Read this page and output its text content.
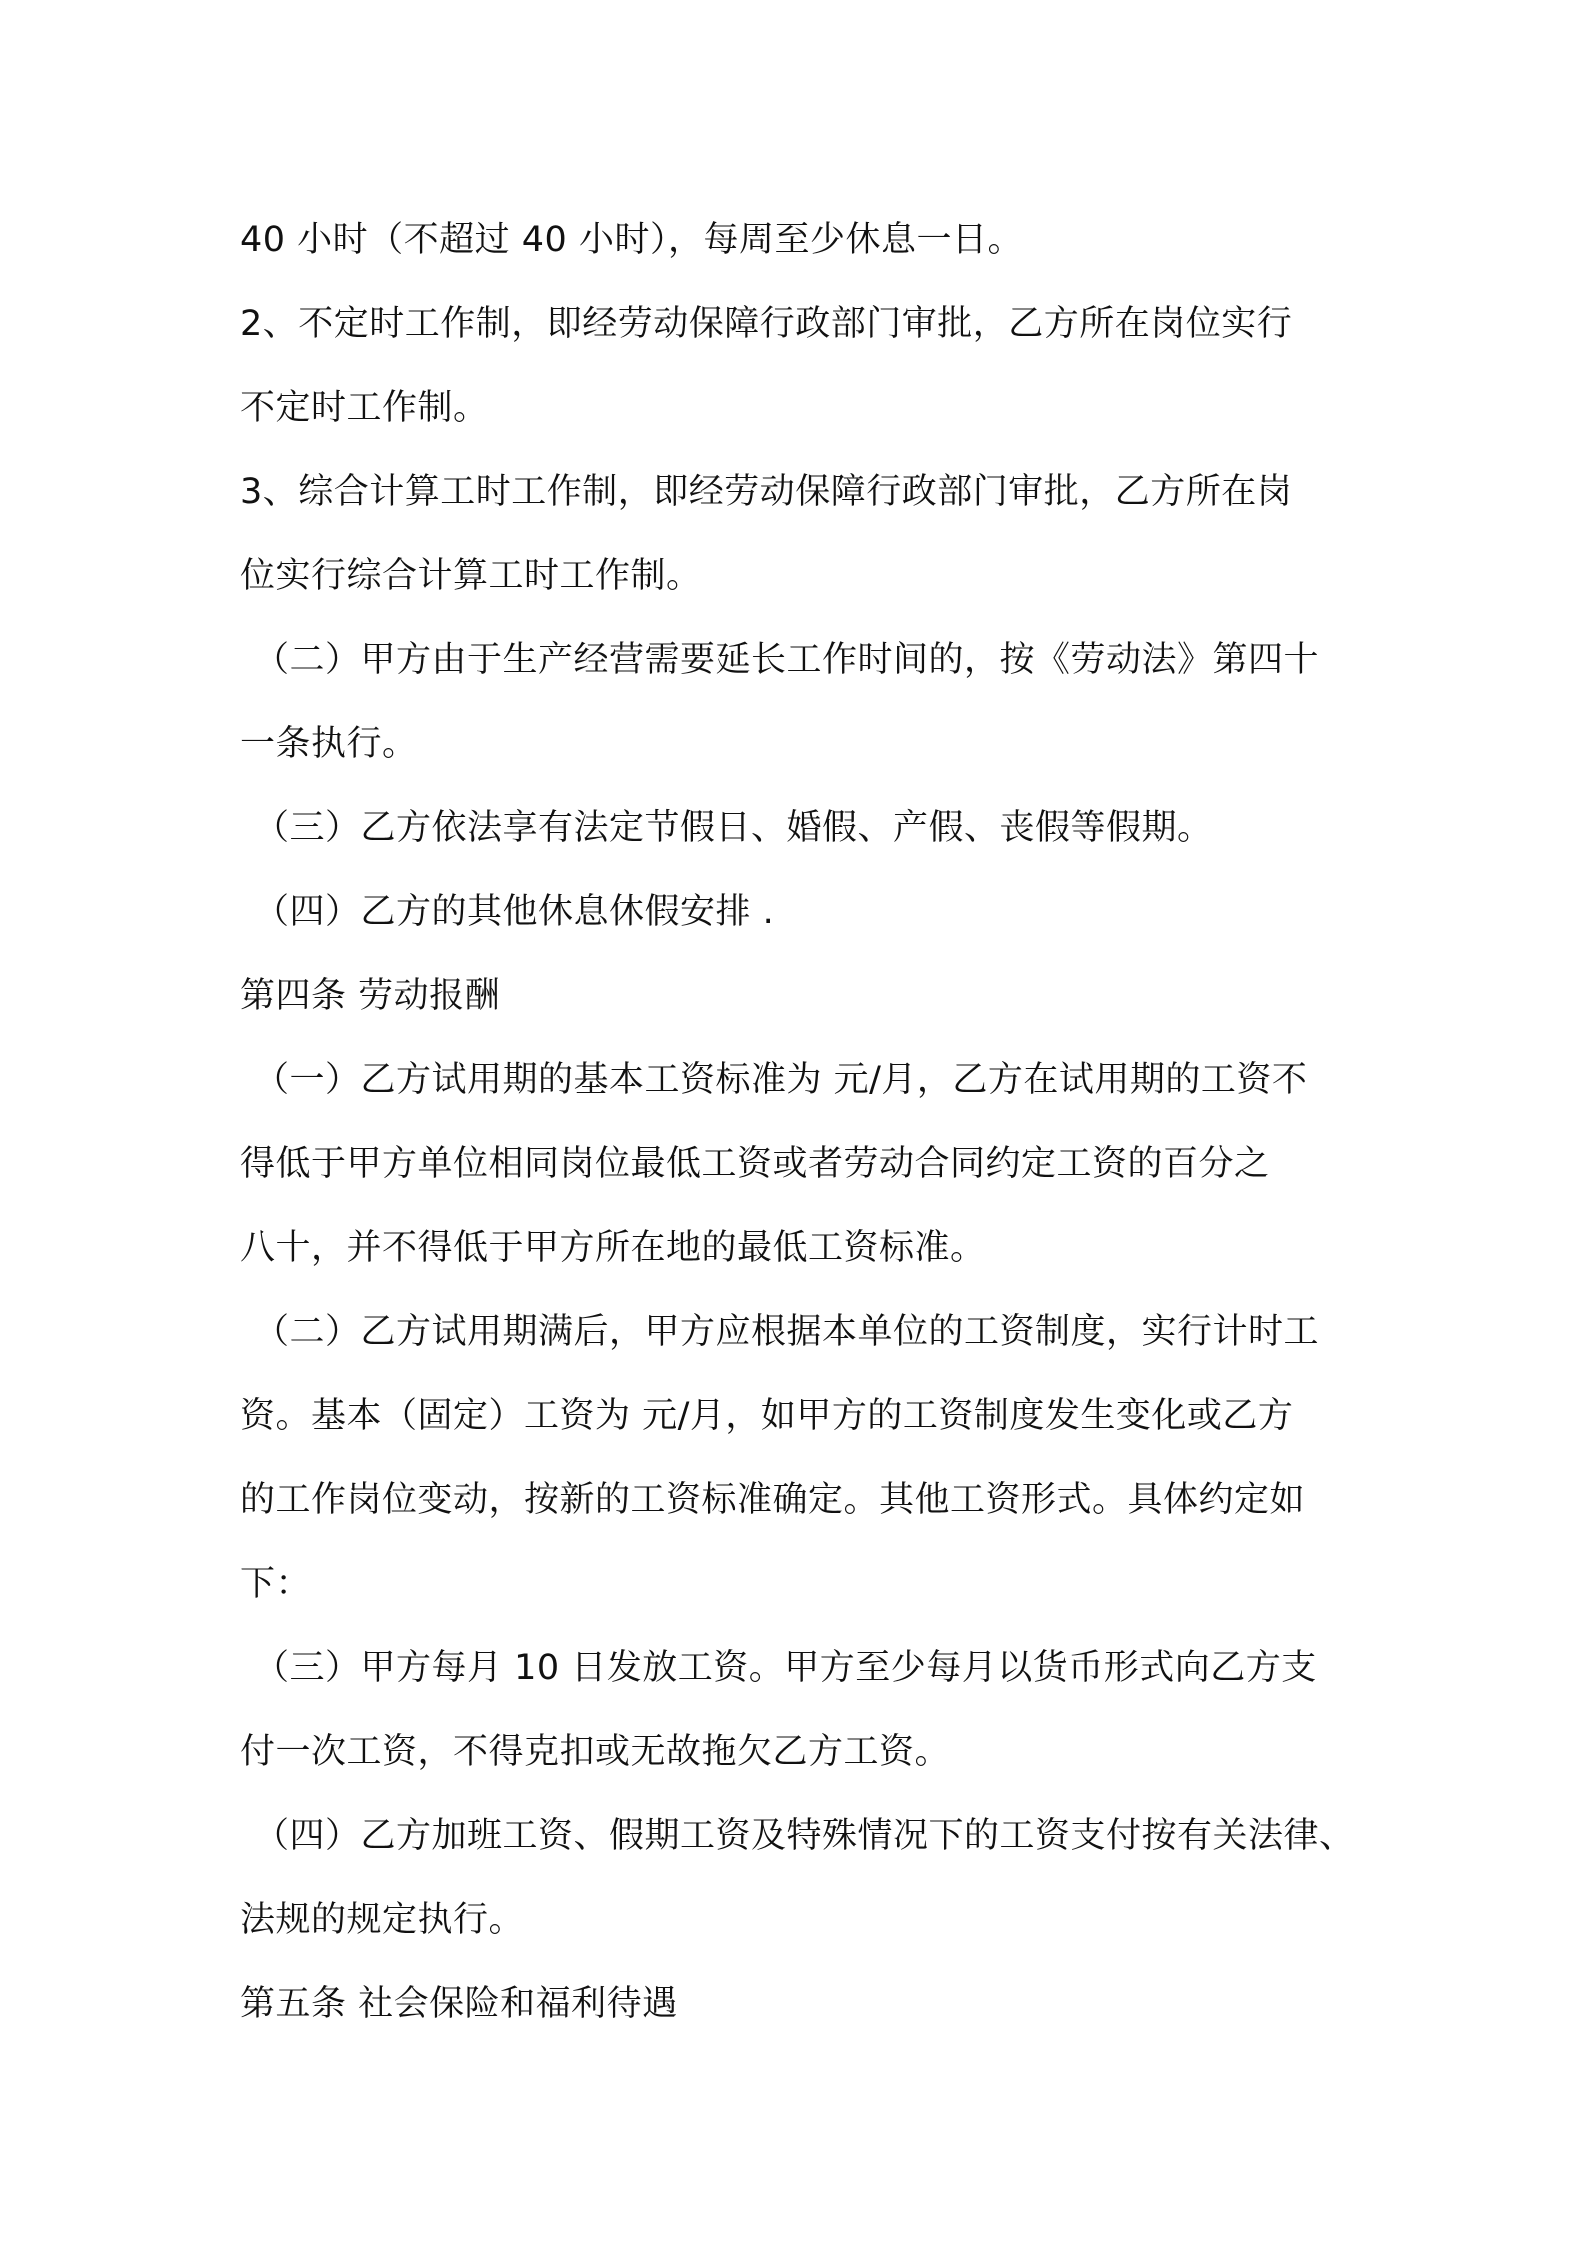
40 小时（不超过 40 小时），每周至少休息一日。
2、不定时工作制，即经劳动保障行政部门审批，乙方所在岗位实行
不定时工作制。
3、综合计算工时工作制，即经劳动保障行政部门审批，乙方所在岗
位实行综合计算工时工作制。
（二）甲方由于生产经营需要延长工作时间的，按《劳动法》第四十
一条执行。
（三）乙方依法享有法定节假日、婚假、产假、丧假等假期。
（四）乙方的其他休息休假安排 .
第四条 劳动报酬
（一）乙方试用期的基本工资标准为 元/月，乙方在试用期的工资不
得低于甲方单位相同岗位最低工资或者劳动合同约定工资的百分之
八十，并不得低于甲方所在地的最低工资标准。
（二）乙方试用期满后，甲方应根据本单位的工资制度，实行计时工
资。基本（固定）工资为 元/月，如甲方的工资制度发生变化或乙方
的工作岗位变动，按新的工资标准确定。其他工资形式。具体约定如
下：
（三）甲方每月 10 日发放工资。甲方至少每月以货币形式向乙方支
付一次工资，不得克扣或无故拖欠乙方工资。
（四）乙方加班工资、假期工资及特殊情况下的工资支付按有关法律、
法规的规定执行。
第五条 社会保险和福利待遇
